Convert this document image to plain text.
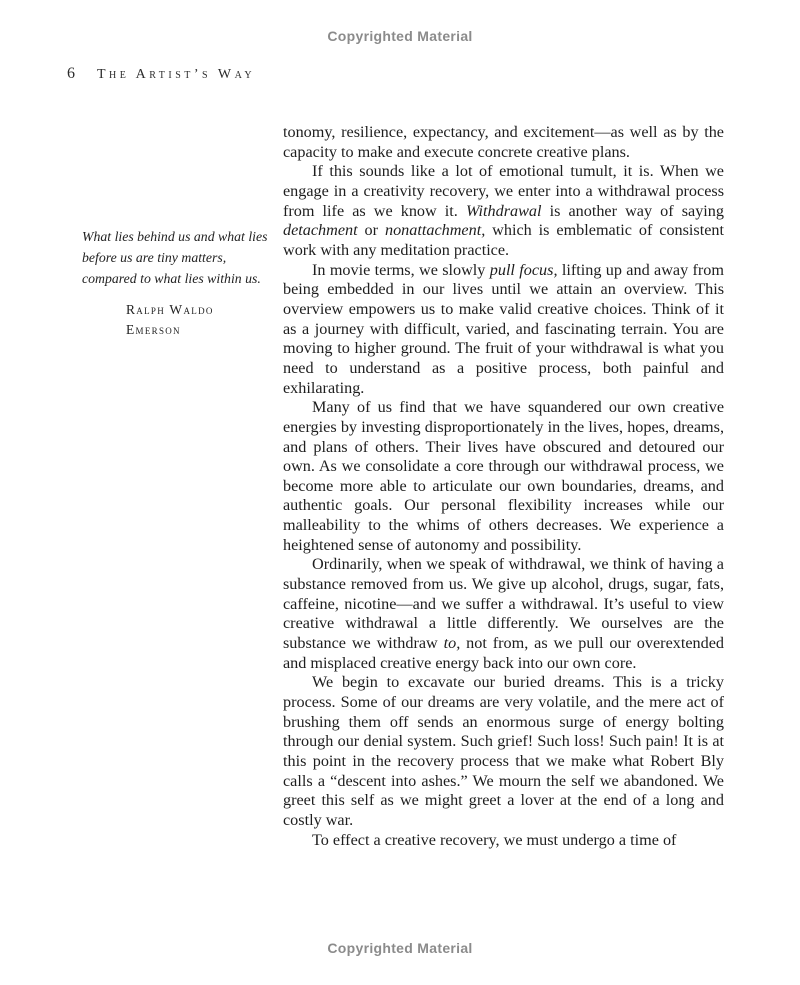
Copyrighted Material
6 The Artist’s Way
What lies behind us and what lies before us are tiny matters, compared to what lies within us.
Ralph Waldo
Emerson

tonomy, resilience, expectancy, and excitement—as well as by the capacity to make and execute concrete creative plans.

If this sounds like a lot of emotional tumult, it is. When we engage in a creativity recovery, we enter into a withdrawal process from life as we know it. Withdrawal is another way of saying detachment or nonattachment, which is emblematic of consistent work with any meditation practice.

In movie terms, we slowly pull focus, lifting up and away from being embedded in our lives until we attain an overview. This overview empowers us to make valid creative choices. Think of it as a journey with difficult, varied, and fascinating terrain. You are moving to higher ground. The fruit of your withdrawal is what you need to understand as a positive process, both painful and exhilarating.

Many of us find that we have squandered our own creative energies by investing disproportionately in the lives, hopes, dreams, and plans of others. Their lives have obscured and detoured our own. As we consolidate a core through our withdrawal process, we become more able to articulate our own boundaries, dreams, and authentic goals. Our personal flexibility increases while our malleability to the whims of others decreases. We experience a heightened sense of autonomy and possibility.

Ordinarily, when we speak of withdrawal, we think of having a substance removed from us. We give up alcohol, drugs, sugar, fats, caffeine, nicotine—and we suffer a withdrawal. It’s useful to view creative withdrawal a little differently. We ourselves are the substance we withdraw to, not from, as we pull our overextended and misplaced creative energy back into our own core.

We begin to excavate our buried dreams. This is a tricky process. Some of our dreams are very volatile, and the mere act of brushing them off sends an enormous surge of energy bolting through our denial system. Such grief! Such loss! Such pain! It is at this point in the recovery process that we make what Robert Bly calls a “descent into ashes.” We mourn the self we abandoned. We greet this self as we might greet a lover at the end of a long and costly war.

To effect a creative recovery, we must undergo a time of

Copyrighted Material
